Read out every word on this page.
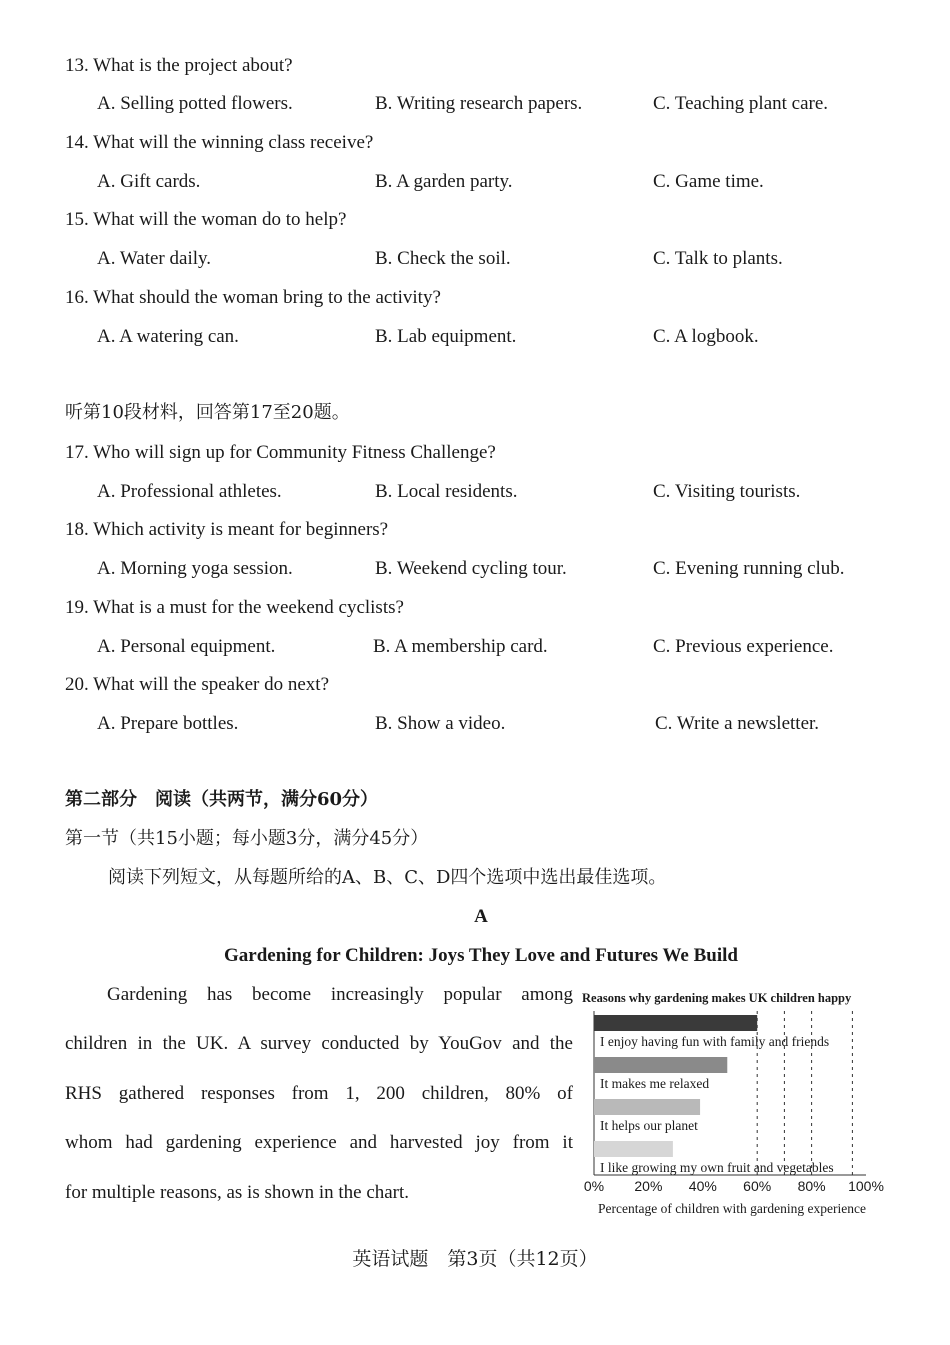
13. What is the project about?
A. Selling potted flowers.	B. Writing research papers.	C. Teaching plant care.
14. What will the winning class receive?
A. Gift cards.	B. A garden party.	C. Game time.
15. What will the woman do to help?
A. Water daily.	B. Check the soil.	C. Talk to plants.
16. What should the woman bring to the activity?
A. A watering can.	B. Lab equipment.	C. A logbook.
听第10段材料，回答第17至20题。
17. Who will sign up for Community Fitness Challenge?
A. Professional athletes.	B. Local residents.	C. Visiting tourists.
18. Which activity is meant for beginners?
A. Morning yoga session.	B. Weekend cycling tour.	C. Evening running club.
19. What is a must for the weekend cyclists?
A. Personal equipment.	B. A membership card.	C. Previous experience.
20. What will the speaker do next?
A. Prepare bottles.	B. Show a video.	C. Write a newsletter.
第二部分　阅读（共两节，满分60分）
第一节（共15小题；每小题3分，满分45分）
阅读下列短文，从每题所给的A、B、C、D四个选项中选出最佳选项。
A
Gardening for Children: Joys They Love and Futures We Build
Gardening has become increasingly popular among
children in the UK. A survey conducted by YouGov and the
RHS gathered responses from 1, 200 children, 80% of
whom had gardening experience and harvested joy from it
for multiple reasons, as is shown in the chart.
Reasons why gardening makes UK children happy
I enjoy having fun with family and friends
It makes me relaxed
It helps our planet
I like growing my own fruit and vegetables
0% 20% 40% 60% 80% 100%
Percentage of children with gardening experience
英语试题　第3页（共12页）
